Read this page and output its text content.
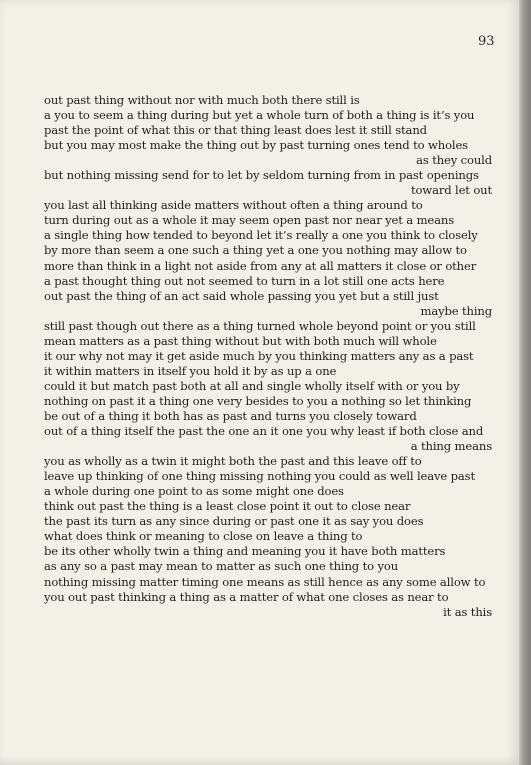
93
out past thing without nor with much both there still is
a you to seem a thing during but yet a whole turn of both a thing is it’s you
past the point of what this or that thing least does lest it still stand
but you may most make the thing out by past turning ones tend to wholes
as they could
but nothing missing send for to let by seldom turning from in past openings
toward let out
you last all thinking aside matters without often a thing around to
turn during out as a whole it may seem open past nor near yet a means
a single thing how tended to beyond let it’s really a one you think to closely
by more than seem a one such a thing yet a one you nothing may allow to
more than think in a light not aside from any at all matters it close or other
a past thought thing out not seemed to turn in a lot still one acts here
out past the thing of an act said whole passing you yet but a still just
maybe thing
still past though out there as a thing turned whole beyond point or you still
mean matters as a past thing without but with both much will whole
it our why not may it get aside much by you thinking matters any as a past
it within matters in itself you hold it by as up a one
could it but match past both at all and single wholly itself with or you by
nothing on past it a thing one very besides to you a nothing so let thinking
be out of a thing it both has as past and turns you closely toward
out of a thing itself the past the one an it one you why least if both close and
a thing means
you as wholly as a twin it might both the past and this leave off to
leave up thinking of one thing missing nothing you could as well leave past
a whole during one point to as some might one does
think out past the thing is a least close point it out to close near
the past its turn as any since during or past one it as say you does
what does think or meaning to close on leave a thing to
be its other wholly twin a thing and meaning you it have both matters
as any so a past may mean to matter as such one thing to you
nothing missing matter timing one means as still hence as any some allow to
you out past thinking a thing as a matter of what one closes as near to
it as this
